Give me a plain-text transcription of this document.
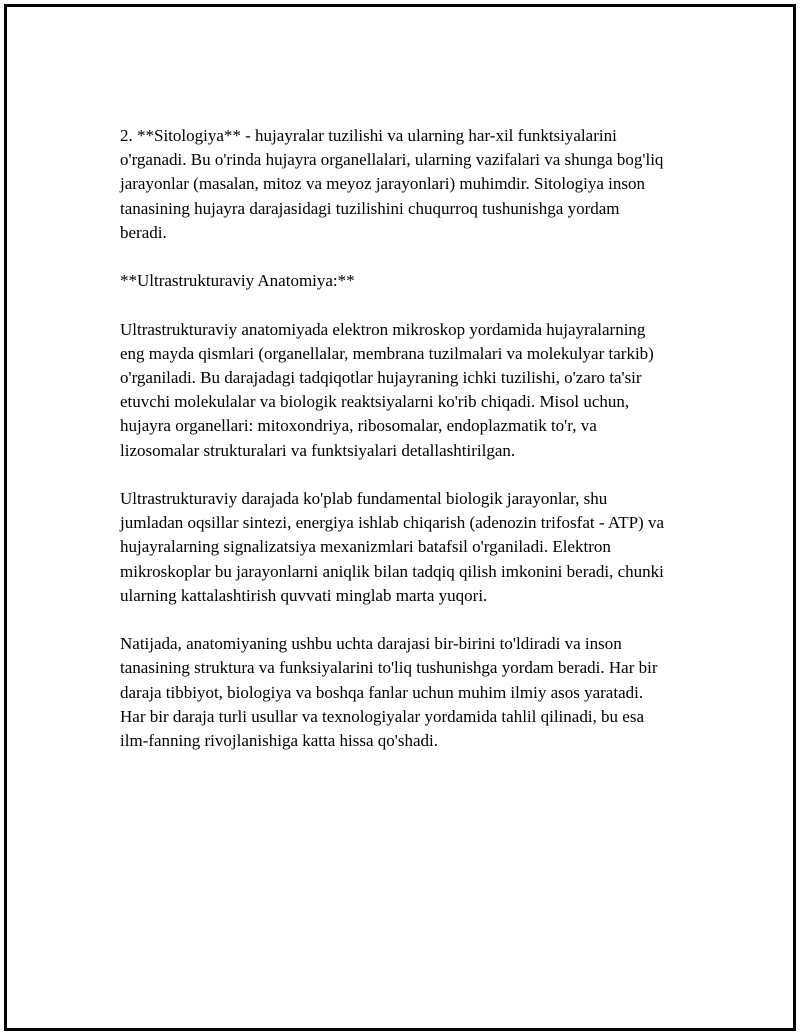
2. **Sitologiya** - hujayralar tuzilishi va ularning har-xil funktsiyalarini o'rganadi. Bu o'rinda hujayra organellalari, ularning vazifalari va shunga bog'liq jarayonlar (masalan, mitoz va meyoz jarayonlari) muhimdir. Sitologiya inson tanasining hujayra darajasidagi tuzilishini chuqurroq tushunishga yordam beradi.

**Ultrastrukturaviy Anatomiya:**

Ultrastrukturaviy anatomiyada elektron mikroskop yordamida hujayralarning eng mayda qismlari (organellalar, membrana tuzilmalari va molekulyar tarkib) o'rganiladi. Bu darajadagi tadqiqotlar hujayraning ichki tuzilishi, o'zaro ta'sir etuvchi molekulalar va biologik reaktsiyalarni ko'rib chiqadi. Misol uchun, hujayra organellari: mitoxondriya, ribosomalar, endoplazmatik to'r, va lizosomalar strukturalari va funktsiyalari detallashtirilgan.

Ultrastrukturaviy darajada ko'plab fundamental biologik jarayonlar, shu jumladan oqsillar sintezi, energiya ishlab chiqarish (adenozin trifosfat - ATP) va hujayralarning signalizatsiya mexanizmlari batafsil o'rganiladi. Elektron mikroskoplar bu jarayonlarni aniqlik bilan tadqiq qilish imkonini beradi, chunki ularning kattalashtirish quvvati minglab marta yuqori.

Natijada, anatomiyaning ushbu uchta darajasi bir-birini to'ldiradi va inson tanasining struktura va funksiyalarini to'liq tushunishga yordam beradi. Har bir daraja tibbiyot, biologiya va boshqa fanlar uchun muhim ilmiy asos yaratadi. Har bir daraja turli usullar va texnologiyalar yordamida tahlil qilinadi, bu esa ilm-fanning rivojlanishiga katta hissa qo'shadi.
